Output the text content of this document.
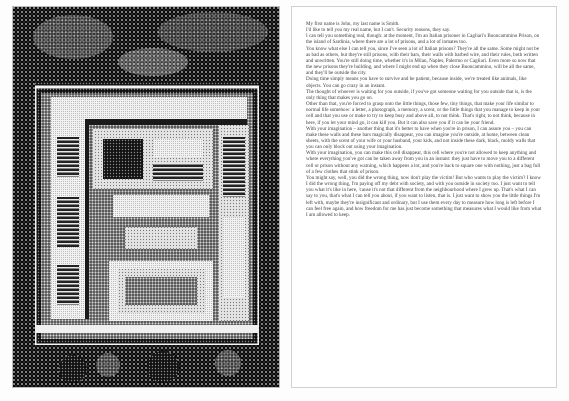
My first name is John, my last name is Smith.

I'd like to tell you my real name, but I can't. Security reasons, they say.

I can tell you something real, though: at the moment, I'm an Italian prisoner in Cagliari's Buoncammino Prison, on the island of Sardinia, where there are a lot of prisons, and a lot of inmates too.

You know what else I can tell you, since I've seen a lot of Italian prisons? They're all the same. Some might not be as bad as others, but they're still prisons, with their bars, their walls with barbed wire, and their rules, both written and unwritten. You're still doing time, whether it's in Milan, Naples, Palermo or Cagliari. Even more so now that the new prisons they're building, and where I might end up when they close Buoncammino, will be all the same, and they'll be outside the city.

Doing time simply means you have to survive and be patient, because inside, we're treated like animals, like objects. You can go crazy in an instant.

The thought of whoever is waiting for you outside, if you've got someone waiting for you outside that is, is the only thing that makes you go on.

Other than that, you're forced to grasp onto the little things, those few, tiny things, that make your life similar to normal life somehow: a letter, a photograph, a memory, a scent, or the little things that you manage to keep in your cell and that you use or make to try to keep busy and above all, to not think. That's right, to not think, because in here, if you let your mind go, it can kill you. But it can also save you if it can be your friend.

With your imagination – another thing that it's better to have when you're in prison, I can assure you – you can make these walls and these bars magically disappear, you can imagine you're outside, at home, between clean sheets, with the scent of your wife or your husband, your kids, and not inside these dark, black, moldy walls that you can only block out using your imagination.

With your imagination, you can make this cell disappear, this cell where you're not allowed to keep anything and where everything you've got can be taken away from you in an instant: they just have to move you to a different cell or prison without any warning, which happens a lot, and you're back to square one with nothing, just a bag full of a few clothes that stink of prison.

You might say, well, you did the wrong thing, now don't play the victim! But who wants to play the victim? I know I did the wrong thing, I'm paying off my debt with society, and with you outside in society too. I just want to tell you what it's like in here, 'cause it's not that different from the neighbourhood where I grew up. That's what I can say to you, that's what I can tell you about, if you want to listen, that is. I just want to show you the little things I'm left with, maybe they're insignificant and ordinary, but I use them every day to measure how long is left before I can feel free again, and how freedom for me has just become something that measures what I would like from what I am allowed to keep.
